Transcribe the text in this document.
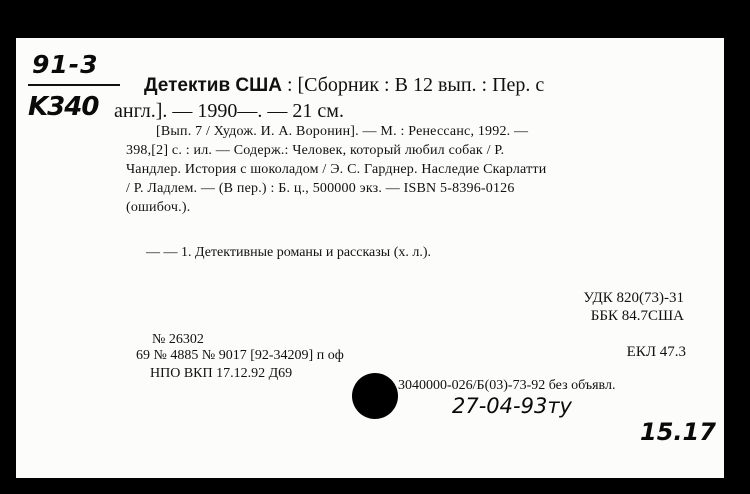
91-3
K340
Детектив США : [Сборник : В 12 вып. : Пер. с
англ.]. — 1990—. — 21 см.
[Вып. 7 / Худож. И. А. Воронин]. — М. : Ренессанс, 1992. —
398,[2] с. : ил. — Содерж.: Человек, который любил собак / Р.
Чандлер. История с шоколадом / Э. С. Гарднер. Наследие Скарлатти
/ Р. Ладлем. — (В пер.) : Б. ц., 500000 экз. — ISBN 5-8396-0126
(ошибоч.).
— — 1. Детективные романы и рассказы (х. л.).
УДК 820(73)-31
ББК 84.7США
ЕКЛ 47.3
№ 26302
69 № 4885 № 9017 [92-34209] п оф
НПО ВКП 17.12.92 Д69
3040000-026/Б(03)-73-92 без объявл.
27-04-93ту
15.17
